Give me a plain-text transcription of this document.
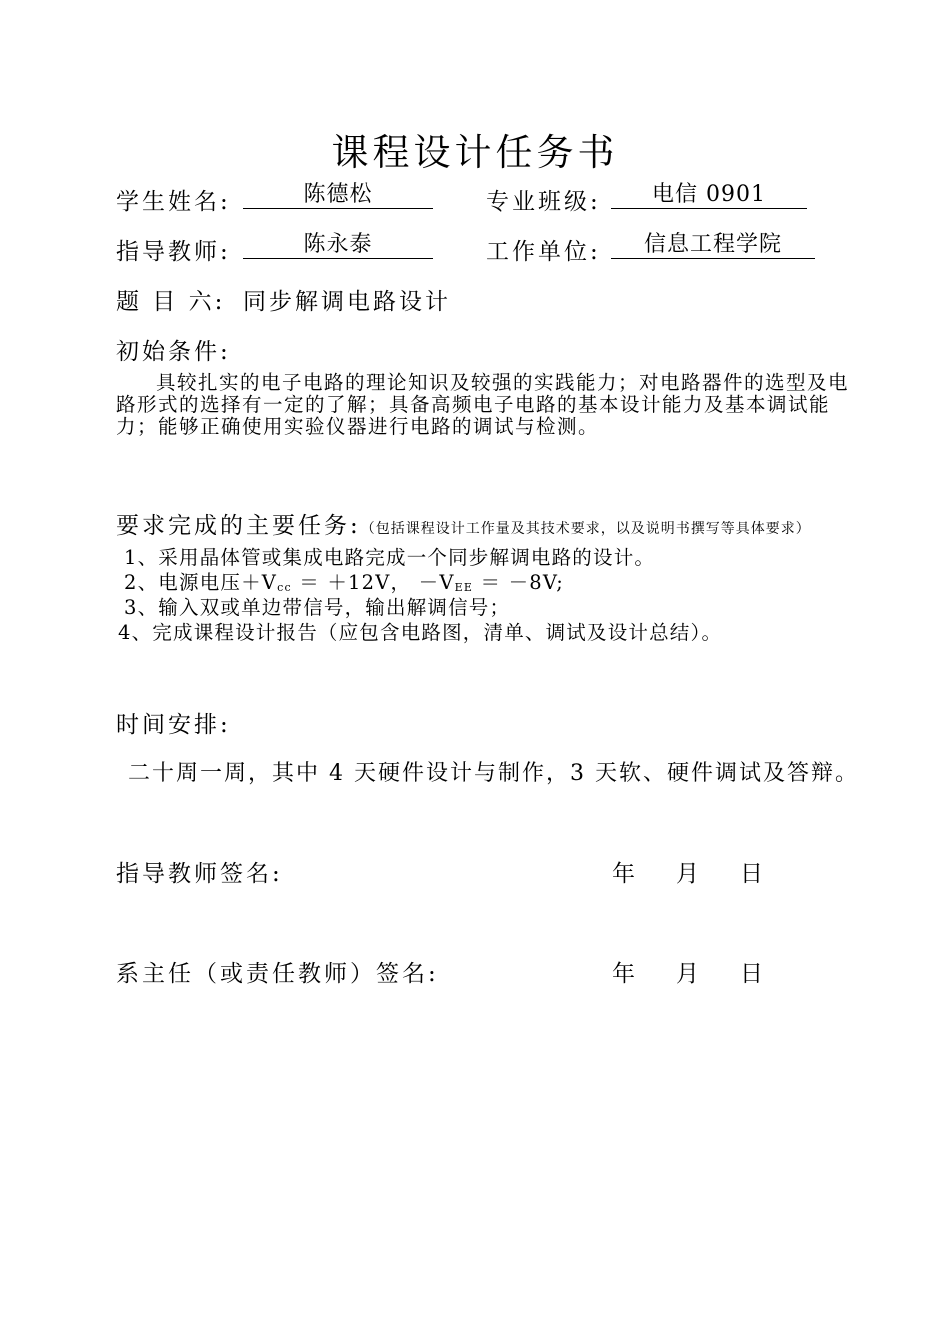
课程设计任务书
学生姓名:	陈德松	专业班级:	电信 0901
指导教师:	陈永泰	工作单位:	信息工程学院
题 目 六: 同步解调电路设计
初始条件:
具较扎实的电子电路的理论知识及较强的实践能力；对电路器件的选型及电路形式的选择有一定的了解；具备高频电子电路的基本设计能力及基本调试能力；能够正确使用实验仪器进行电路的调试与检测。
要求完成的主要任务:（包括课程设计工作量及其技术要求，以及说明书撰写等具体要求）
1、采用晶体管或集成电路完成一个同步解调电路的设计。
2、电源电压$+V_{cc} = +12V$， $-V_{EE} = -8V$;
3、输入双或单边带信号，输出解调信号；
4、完成课程设计报告（应包含电路图，清单、调试及设计总结）。
时间安排:
二十周一周，其中 4 天硬件设计与制作，3 天软、硬件调试及答辩。
指导教师签名:	年 月 日
系主任（或责任教师）签名:	年 月 日
